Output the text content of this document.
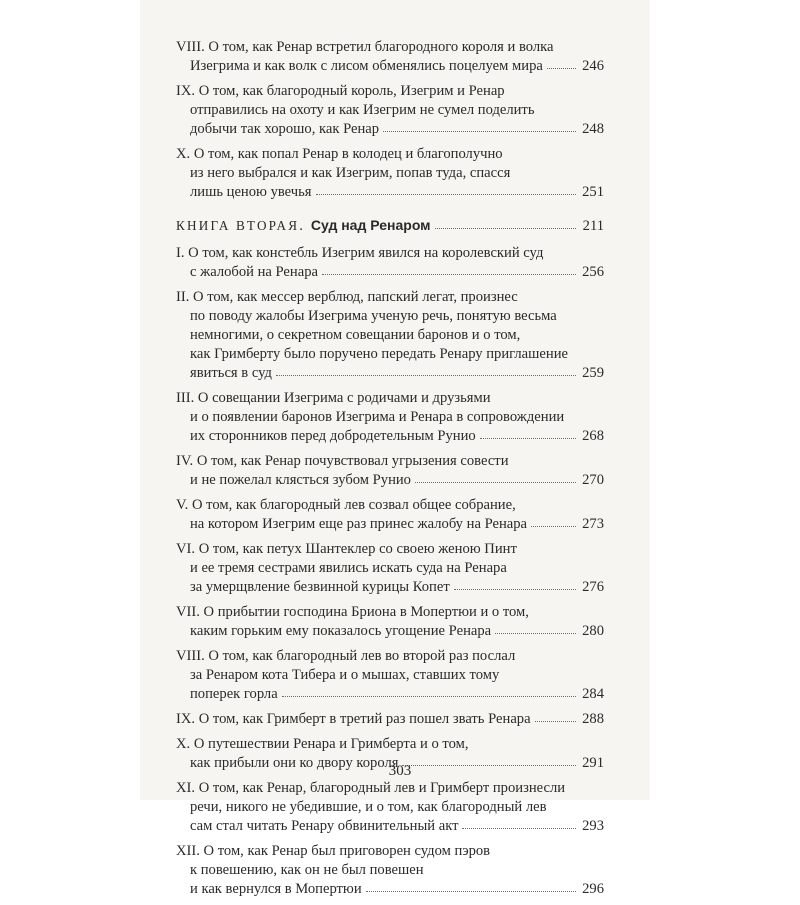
VIII. О том, как Ренар встретил благородного короля и волка
Изегрима и как волк с лисом обменялись поцелуем мира	246
IX. О том, как благородный король, Изегрим и Ренар
отправились на охоту и как Изегрим не сумел поделить
добычи так хорошо, как Ренар	248
X. О том, как попал Ренар в колодец и благополучно
из него выбрался и как Изегрим, попав туда, спасся
лишь ценою увечья	251
КНИГА ВТОРАЯ . Суд над Ренаром	211
I. О том, как констебль Изегрим явился на королевский суд
с жалобой на Ренара	256
II. О том, как мессер верблюд, папский легат, произнес
по поводу жалобы Изегрима ученую речь, понятую весьма
немногими, о секретном совещании баронов и о том,
как Гримберту было поручено передать Ренару приглашение
явиться в суд	259
III. О совещании Изегрима с родичами и друзьями
и о появлении баронов Изегрима и Ренара в сопровождении
их сторонников перед добродетельным Рунио	268
IV. О том, как Ренар почувствовал угрызения совести
и не пожелал клясться зубом Рунио	270
V. О том, как благородный лев созвал общее собрание,
на котором Изегрим еще раз принес жалобу на Ренара	273
VI. О том, как петух Шантеклер со своею женою Пинт
и ее тремя сестрами явились искать суда на Ренара
за умерщвление безвинной курицы Копет	276
VII. О прибытии господина Бриона в Мопертюи и о том,
каким горьким ему показалось угощение Ренара	280
VIII. О том, как благородный лев во второй раз послал
за Ренаром кота Тибера и о мышах, ставших тому
поперек горла	284
IX. О том, как Гримберт в третий раз пошел звать Ренара	288
X. О путешествии Ренара и Гримберта и о том,
как прибыли они ко двору короля	291
XI. О том, как Ренар, благородный лев и Гримберт произнесли
речи, никого не убедившие, и о том, как благородный лев
сам стал читать Ренару обвинительный акт	293
XII. О том, как Ренар был приговорен судом пэров
к повешению, как он не был повешен
и как вернулся в Мопертюи	296
303
